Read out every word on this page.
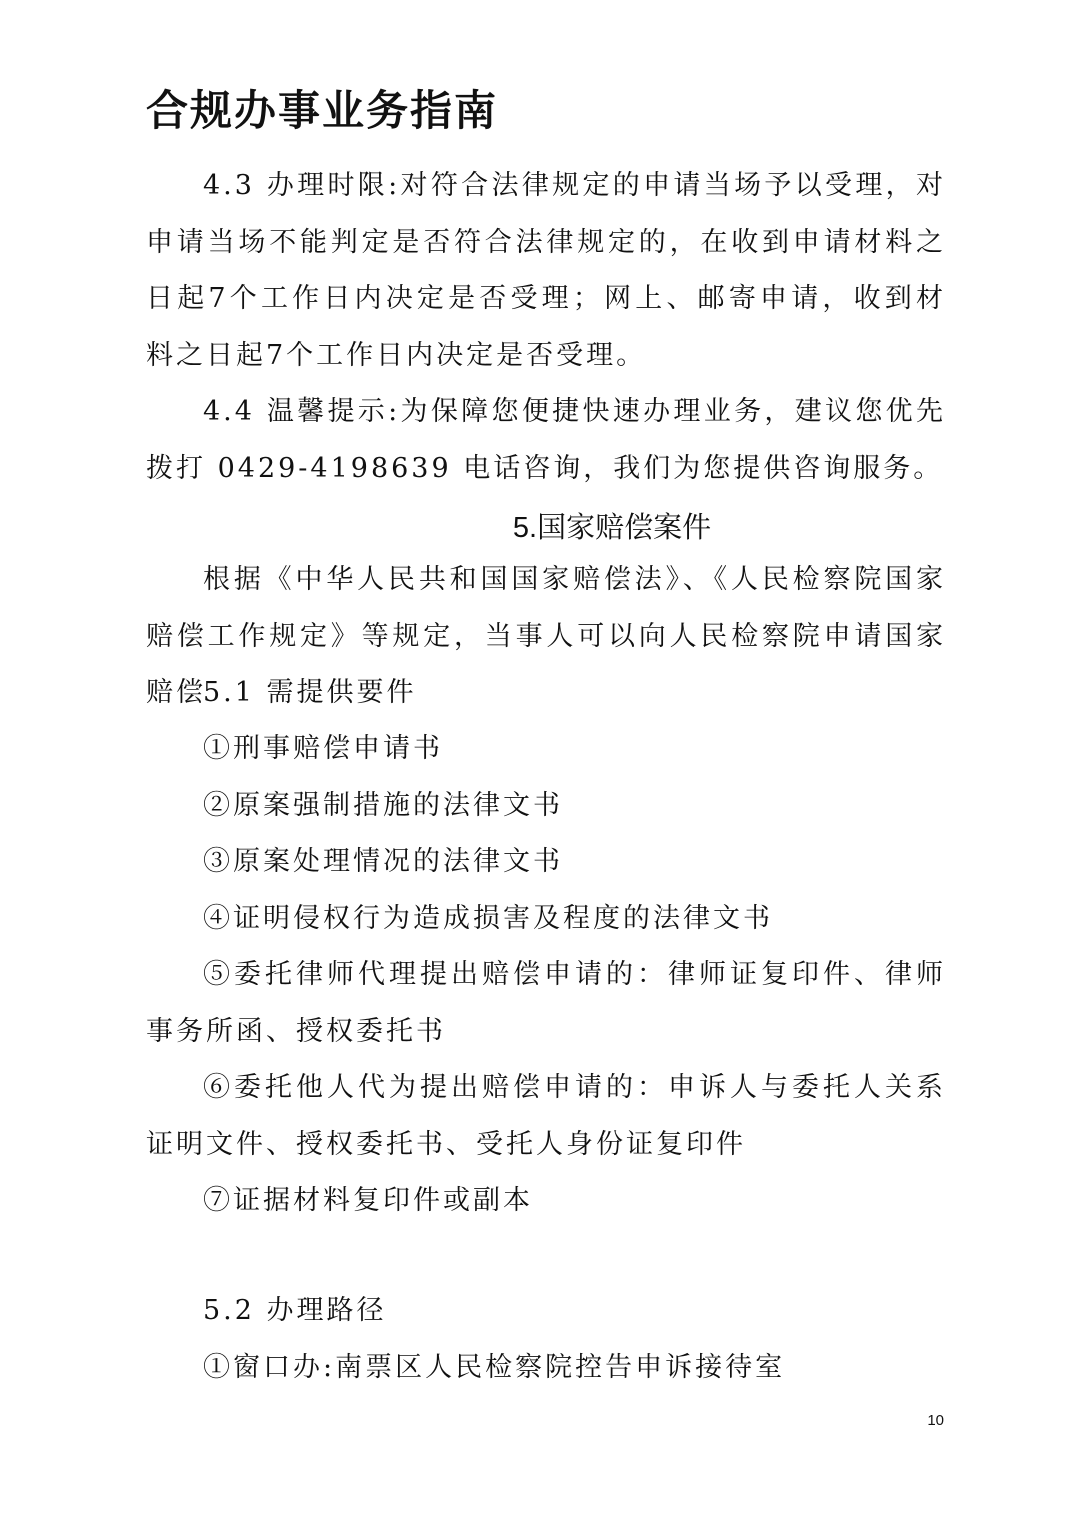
合规办事业务指南

4.3 办理时限:对符合法律规定的申请当场予以受理，对申请当场不能判定是否符合法律规定的，在收到申请材料之日起7个工作日内决定是否受理；网上、邮寄申请，收到材料之日起7个工作日内决定是否受理。

4.4 温馨提示:为保障您便捷快速办理业务，建议您优先拨打 0429-4198639 电话咨询，我们为您提供咨询服务。

5.国家赔偿案件

根据《中华人民共和国国家赔偿法》、《人民检察院国家赔偿工作规定》等规定，当事人可以向人民检察院申请国家赔偿

5.1 需提供要件
①刑事赔偿申请书
②原案强制措施的法律文书
③原案处理情况的法律文书
④证明侵权行为造成损害及程度的法律文书

⑤委托律师代理提出赔偿申请的：律师证复印件、律师事务所函、授权委托书

⑥委托他人代为提出赔偿申请的：申诉人与委托人关系证明文件、授权委托书、受托人身份证复印件

⑦证据材料复印件或副本
5.2 办理路径
①窗口办:南票区人民检察院控告申诉接待室
10
